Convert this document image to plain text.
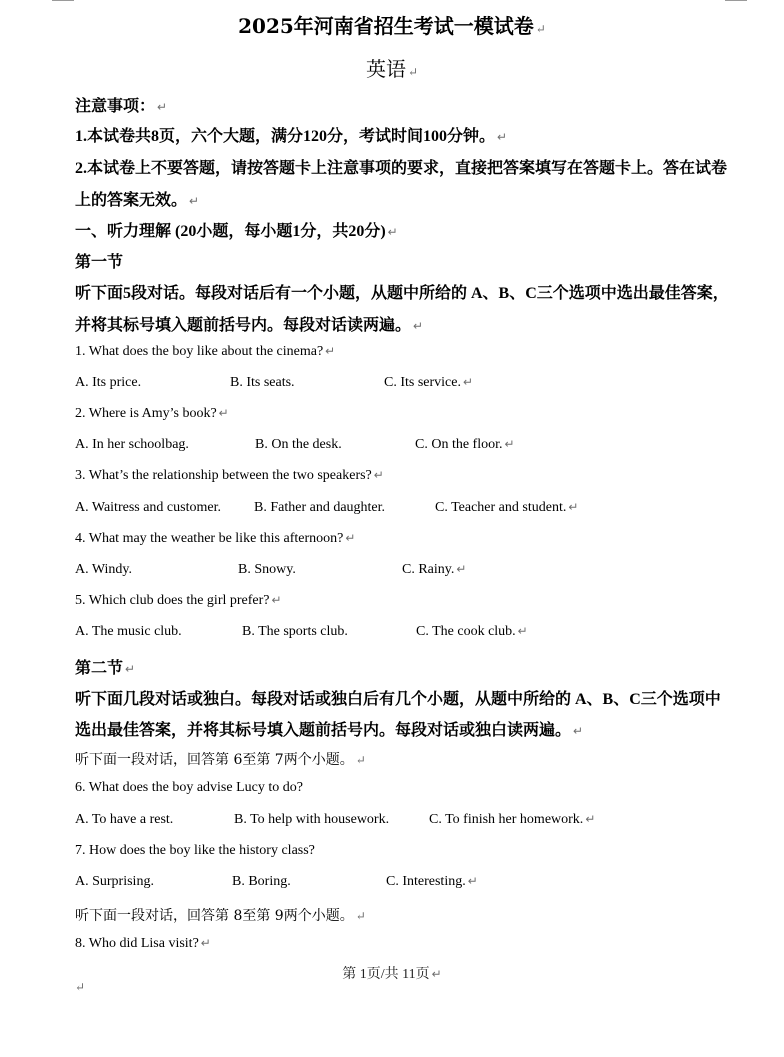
2025年河南省招生考试一模试卷 ↵
英语 ↵
注意事项： ↵
1.本试卷共8页，六个大题，满分120分，考试时间100分钟。 ↵
2.本试卷上不要答题，请按答题卡上注意事项的要求，直接把答案填写在答题卡上。答在试卷
上的答案无效。 ↵
一、听力理解 (20小题，每小题1分，共20分) ↵
第一节
听下面5段对话。每段对话后有一个小题，从题中所给的 A、B、C三个选项中选出最佳答案，
并将其标号填入题前括号内。每段对话读两遍。 ↵
1. What does the boy like about the cinema? ↵
A. Its price.	B. Its seats.	C. Its service. ↵
2. Where is Amy’s book? ↵
A. In her schoolbag.	B. On the desk.	C. On the floor. ↵
3. What’s the relationship between the two speakers? ↵
A. Waitress and customer. B. Father and daughter.	C. Teacher and student. ↵
4. What may the weather be like this afternoon? ↵
A. Windy.	B. Snowy.	C. Rainy. ↵
5. Which club does the girl prefer? ↵
A. The music club.	B. The sports club.	C. The cook club. ↵
第二节 ↵
听下面几段对话或独白。每段对话或独白后有几个小题，从题中所给的 A、B、C三个选项中
选出最佳答案，并将其标号填入题前括号内。每段对话或独白读两遍。 ↵
听下面一段对话，回答第 6至第 7两个小题。 ↵
6. What does the boy advise Lucy to do?
A. To have a rest.	B. To help with housework.	C. To finish her homework. ↵
7. How does the boy like the history class?
A. Surprising.	B. Boring.	C. Interesting. ↵
听下面一段对话，回答第 8至第 9两个小题。 ↵
8. Who did Lisa visit? ↵
第 1页/共 11页 ↵
↵
